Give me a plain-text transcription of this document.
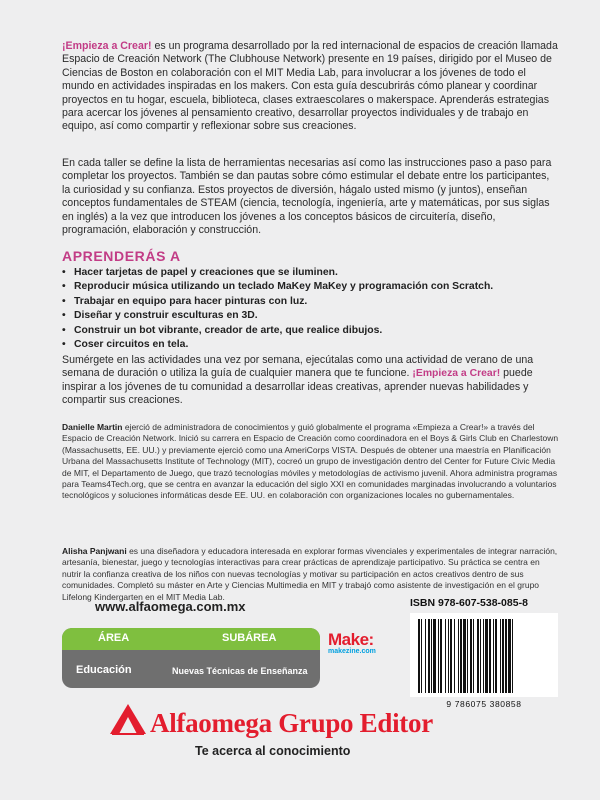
¡Empieza a Crear! es un programa desarrollado por la red internacional de espacios de creación llamada Espacio de Creación Network (The Clubhouse Network) presente en 19 países, dirigido por el Museo de Ciencias de Boston en colaboración con el MIT Media Lab, para involucrar a los jóvenes de todo el mundo en actividades inspiradas en los makers. Con esta guía descubrirás cómo planear y coordinar proyectos en tu hogar, escuela, biblioteca, clases extraescolares o makerspace. Aprenderás estrategias para acercar los jóvenes al pensamiento creativo, desarrollar proyectos individuales y de trabajo en equipo, así como compartir y reflexionar sobre sus creaciones.

En cada taller se define la lista de herramientas necesarias así como las instrucciones paso a paso para completar los proyectos. También se dan pautas sobre cómo estimular el debate entre los participantes, la curiosidad y su confianza. Estos proyectos de diversión, hágalo usted mismo (y juntos), enseñan conceptos fundamentales de STEAM (ciencia, tecnología, ingeniería, arte y matemáticas, por sus siglas en inglés) a la vez que introducen los jóvenes a los conceptos básicos de circuitería, diseño, programación, elaboración y construcción.

APRENDERÁS A
• Hacer tarjetas de papel y creaciones que se iluminen.
• Reproducir música utilizando un teclado MaKey MaKey y programación con Scratch.
• Trabajar en equipo para hacer pinturas con luz.
• Diseñar y construir esculturas en 3D.
• Construir un bot vibrante, creador de arte, que realice dibujos.
• Coser circuitos en tela.

Sumérgete en las actividades una vez por semana, ejecútalas como una actividad de verano de una semana de duración o utiliza la guía de cualquier manera que te funcione. ¡Empieza a Crear! puede inspirar a los jóvenes de tu comunidad a desarrollar ideas creativas, aprender nuevas habilidades y compartir sus creaciones.

Danielle Martin ejerció de administradora de conocimientos y guió globalmente el programa «Empieza a Crear!» a través del Espacio de Creación Network. Inició su carrera en Espacio de Creación como coordinadora en el Boys & Girls Club en Charlestown (Massachusetts, EE. UU.) y previamente ejerció como una AmeriCorps VISTA. Después de obtener una maestría en Planificación Urbana del Massachusetts Institute of Technology (MIT), cocreó un grupo de investigación dentro del Center for Future Civic Media de MIT, el Departamento de Juego, que trazó tecnologías móviles y metodologías de activismo juvenil. Ahora administra programas para Teams4Tech.org, que se centra en avanzar la educación del siglo XXI en comunidades marginadas involucrando a voluntarios tecnológicos y soluciones informáticas desde EE. UU. en colaboración con organizaciones locales no gubernamentales.

Alisha Panjwani es una diseñadora y educadora interesada en explorar formas vivenciales y experimentales de integrar narración, artesanía, bienestar, juego y tecnologías interactivas para crear prácticas de aprendizaje participativo. Su práctica se centra en nutrir la confianza creativa de los niños con nuevas tecnologías y motivar su participación en actos creativos dentro de sus comunidades. Completó su máster en Arte y Ciencias Multimedia en MIT y trabajó como asistente de investigación en el grupo Lifelong Kindergarten en el MIT Media Lab.

www.alfaomega.com.mx
ÁREA	SUBÁREA
Educación	Nuevas Técnicas de Enseñanza
Make:
makezine.com
ISBN 978-607-538-085-8
9 786075 380858
Alfaomega Grupo Editor
Te acerca al conocimiento
